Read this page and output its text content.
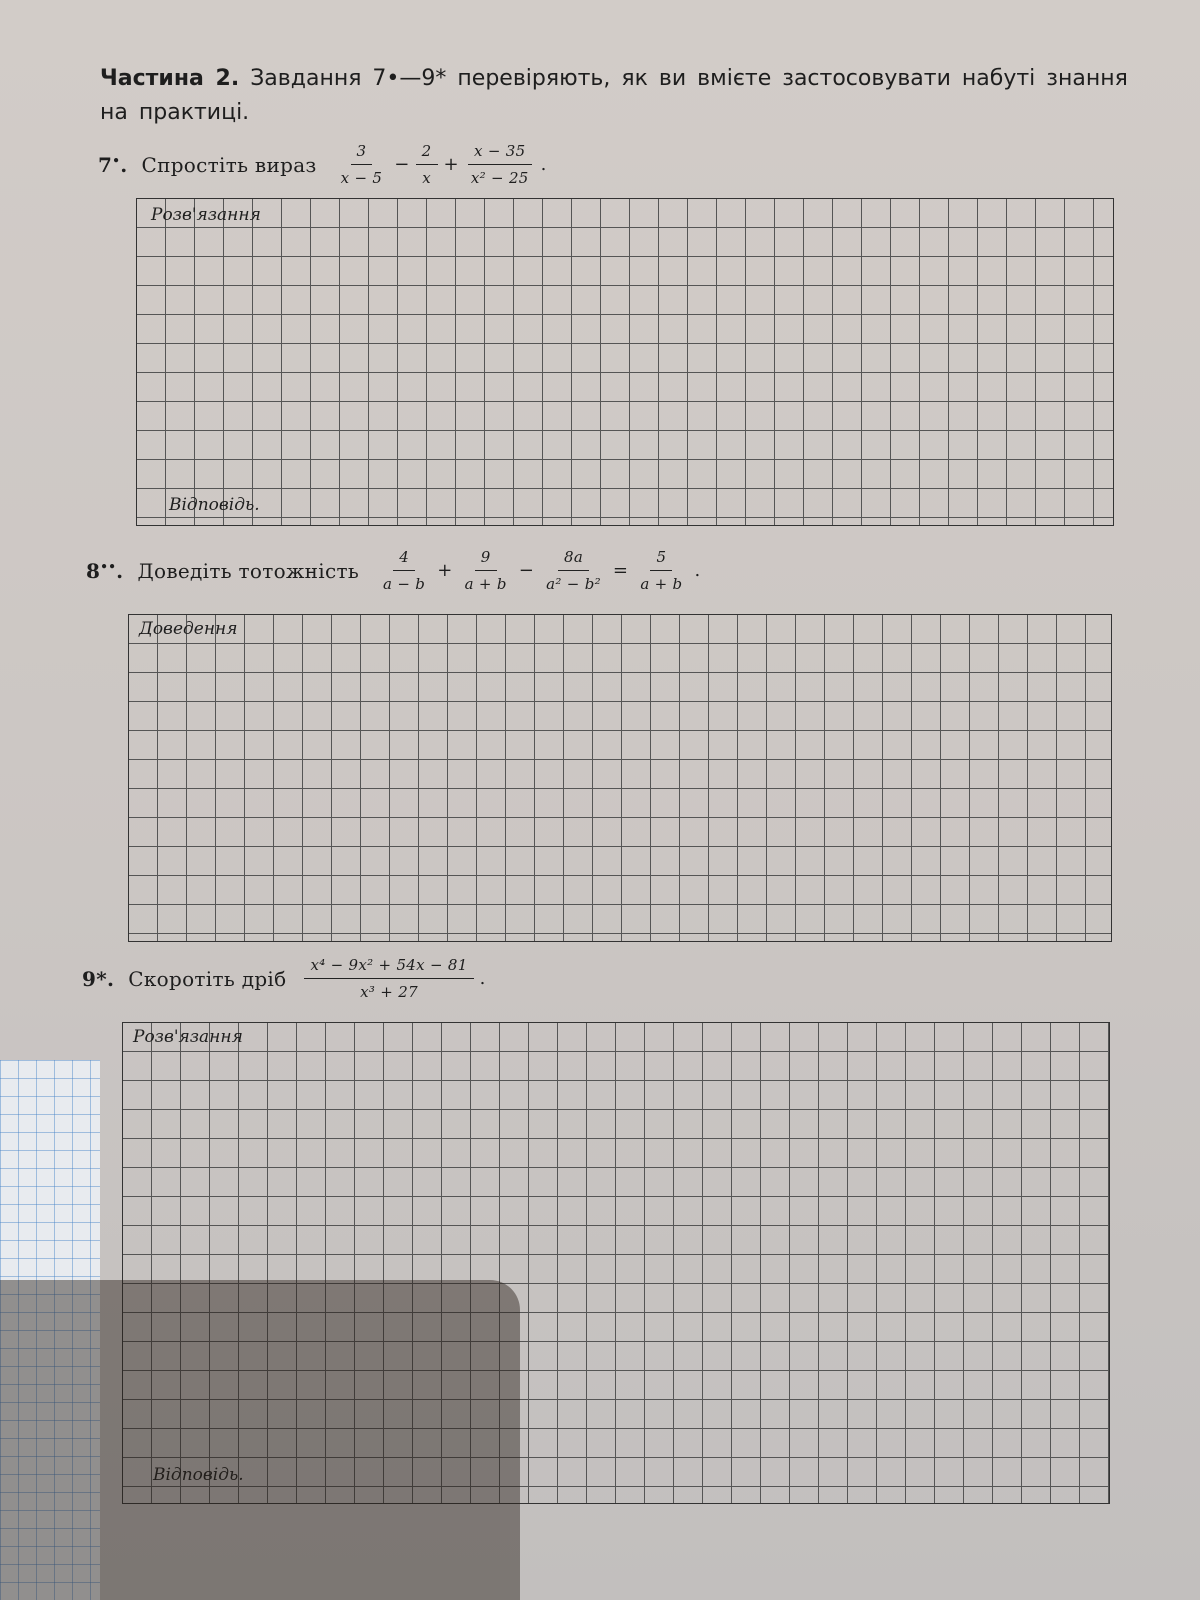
Частина 2. Завдання 7•—9* перевіряють, як ви вмієте застосовувати набуті знання на практиці.
7•. Спростіть вираз $\frac{3}{x - 5} - \frac{2}{x} + \frac{x - 35}{\text{x² − 25}}$ .
Розв'язання
Відповідь.
8••. Доведіть тотожність $\frac{4}{a - b} + \frac{9}{a + b} - \frac{8a}{\text{a² − b²}} = \frac{5}{a + b}$ .
Доведення
9*. Скоротіть дріб $\frac{\text{x⁴ − 9x² + 54x − 81}}{\text{x³ + 27}}$ .
Розв'язання
Відповідь.
